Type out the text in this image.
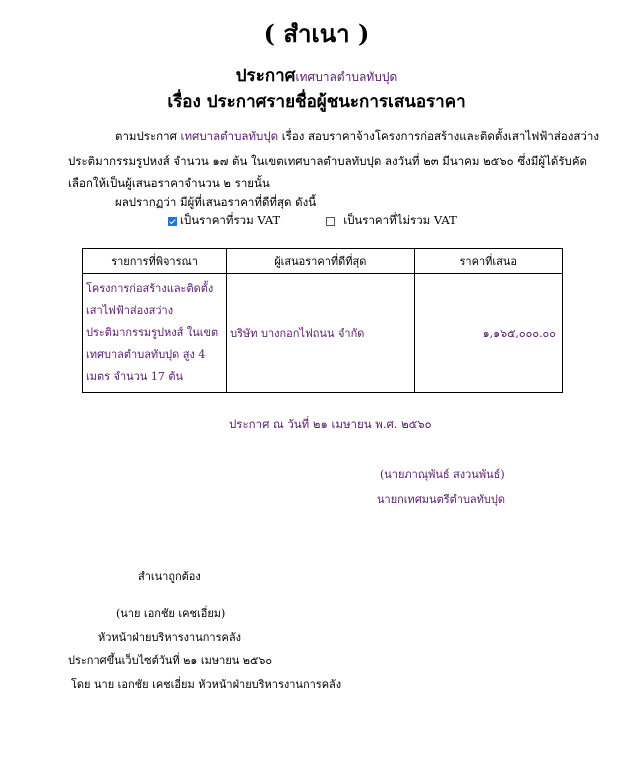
( สำเนา )
ประกาศเทศบาลตำบลทับปุด
เรื่อง ประกาศรายชื่อผู้ชนะการเสนอราคา
ตามประกาศ เทศบาลตำบลทับปุด เรื่อง สอบราคาจ้างโครงการก่อสร้างและติดตั้งเสาไฟฟ้าส่องสว่าง
ประติมากรรมรูปหงส์ จำนวน ๑๗ ต้น ในเขตเทศบาลตำบลทับปุด ลงวันที่ ๒๓ มีนาคม ๒๕๖๐ ซึ่งมีผู้ได้รับคัด
เลือกให้เป็นผู้เสนอราคาจำนวน ๒ รายนั้น
ผลปรากฏว่า มีผู้ที่เสนอราคาที่ดีที่สุด ดังนี้
เป็นราคาที่รวม VAT	เป็นราคาที่ไม่รวม VAT
รายการที่พิจารณา	ผู้เสนอราคาที่ดีที่สุด	ราคาที่เสนอ

โครงการก่อสร้างและติดตั้งเสาไฟฟ้าส่องสว่างประติมากรรมรูปหงส์ ในเขตเทศบาลตำบลทับปุด สูง 4 เมตร จำนวน 17 ต้น	บริษัท บางกอกไฟถนน จำกัด	๑,๑๖๕,๐๐๐.๐๐
ประกาศ ณ วันที่ ๒๑ เมษายน พ.ศ. ๒๕๖๐
(นายภาณุพันธ์ สงวนพันธ์)
นายกเทศมนตรีตำบลทับปุด
สำเนาถูกต้อง
(นาย เอกชัย เคชเอี่ยม)
หัวหน้าฝ่ายบริหารงานการคลัง
ประกาศขึ้นเว็บไซต์วันที่ ๒๑ เมษายน ๒๕๖๐
โดย นาย เอกชัย เคชเอี่ยม หัวหน้าฝ่ายบริหารงานการคลัง
